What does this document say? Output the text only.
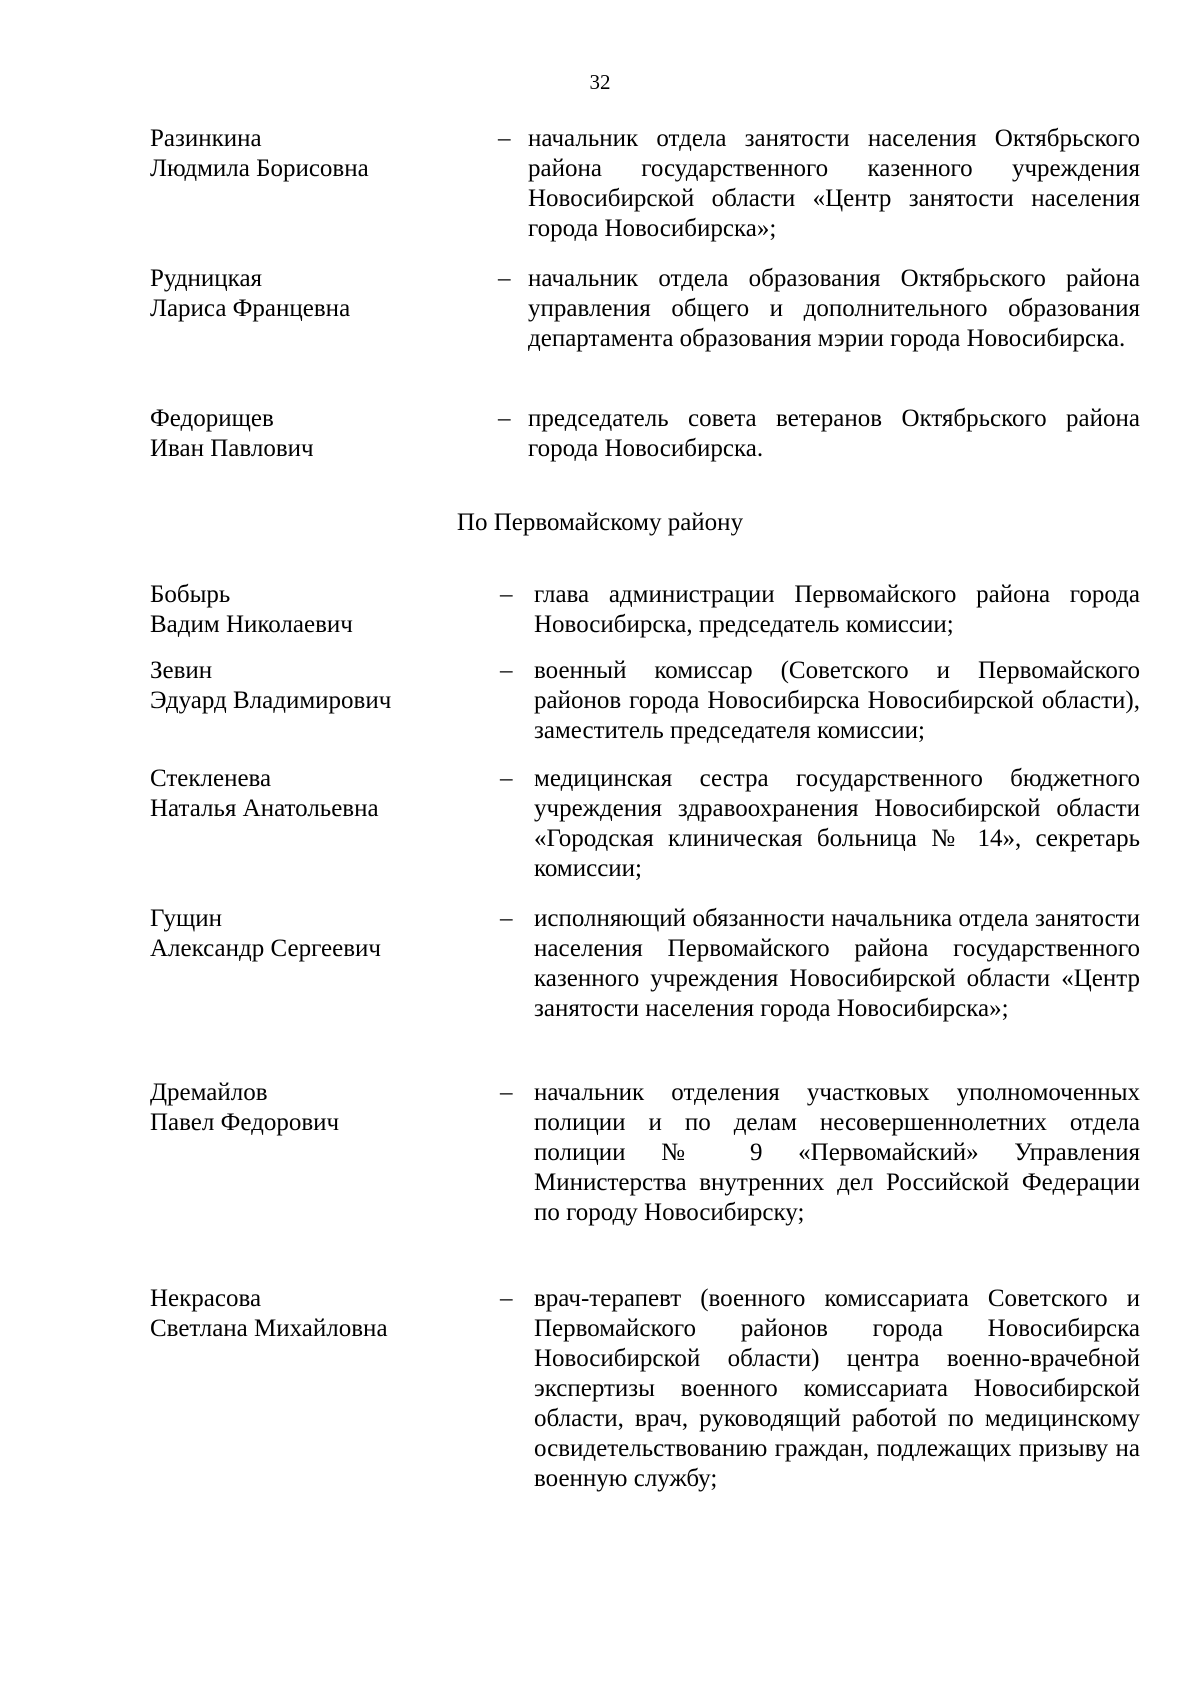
32
Разинкина
Людмила Борисовна
– начальник отдела занятости населения Октябрьского района государственного казенного учреждения Новосибирской области «Центр занятости населения города Новосибирска»;
Рудницкая
Лариса Францевна
– начальник отдела образования Октябрьского района управления общего и дополнительного образования департамента образования мэрии города Новосибирска.
Федорищев
Иван Павлович
– председатель совета ветеранов Октябрьского района города Новосибирска.
По Первомайскому району
Бобырь
Вадим Николаевич
– глава администрации Первомайского района города Новосибирска, председатель комиссии;
Зевин
Эдуард Владимирович
– военный комиссар (Советского и Первомайского районов города Новосибирска Новосибирской области), заместитель председателя комиссии;
Стекленева
Наталья Анатольевна
– медицинская сестра государственного бюджетного учреждения здравоохранения Новосибирской области «Городская клиническая больница № 14», секретарь комиссии;
Гущин
Александр Сергеевич
– исполняющий обязанности начальника отдела занятости населения Первомайского района государственного казенного учреждения Новосибирской области «Центр занятости населения города Новосибирска»;
Дремайлов
Павел Федорович
– начальник отделения участковых уполномоченных полиции и по делам несовершеннолетних отдела полиции № 9 «Первомайский» Управления Министерства внутренних дел Российской Федерации по городу Новосибирску;
Некрасова
Светлана Михайловна
– врач-терапевт (военного комиссариата Советского и Первомайского районов города Новосибирска Новосибирской области) центра военно-врачебной экспертизы военного комиссариата Новосибирской области, врач, руководящий работой по медицинскому освидетельствованию граждан, подлежащих призыву на военную службу;
